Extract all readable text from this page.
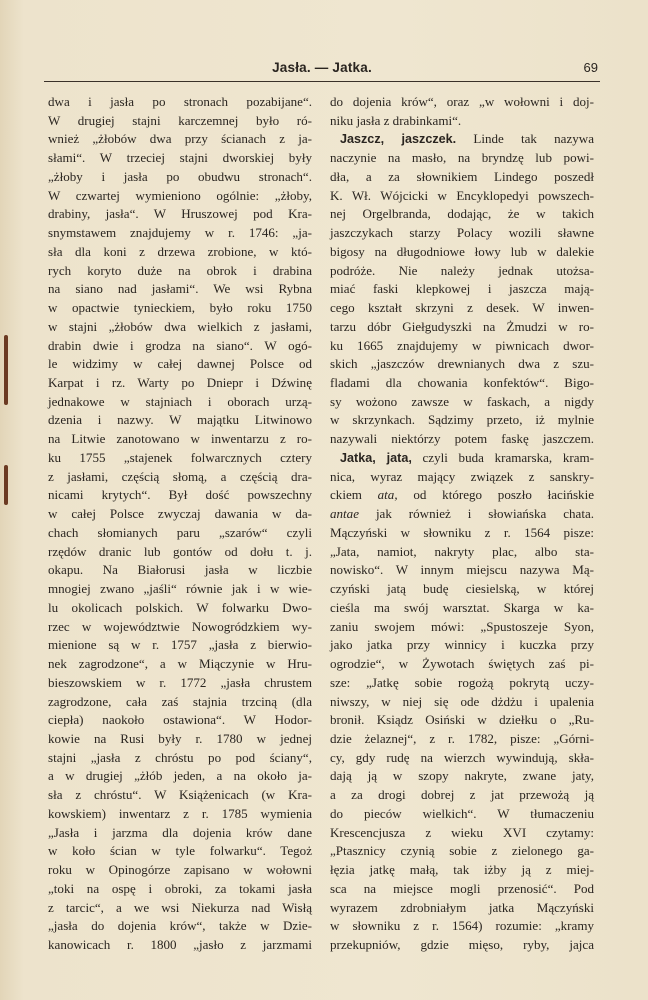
Jasła. — Jatka.	69
dwa i jasła po stronach pozabijane“.
W drugiej stajni karczemnej było ró-
wnież „żłobów dwa przy ścianach z ja-
słami“. W trzeciej stajni dworskiej były
„żłoby i jasła po obudwu stronach“.
W czwartej wymieniono ogólnie: „żłoby,
drabiny, jasła“. W Hruszowej pod Kra-
snymstawem znajdujemy w r. 1746: „ja-
sła dla koni z drzewa zrobione, w któ-
rych koryto duże na obrok i drabina
na siano nad jasłami“. We wsi Rybna
w opactwie tynieckiem, było roku 1750
w stajni „żłobów dwa wielkich z jasłami,
drabin dwie i grodza na siano“. W ogó-
le widzimy w całej dawnej Polsce od
Karpat i rz. Warty po Dniepr i Dźwinę
jednakowe w stajniach i oborach urzą-
dzenia i nazwy. W majątku Litwinowo
na Litwie zanotowano w inwentarzu z ro-
ku 1755 „stajenek folwarcznych cztery
z jasłami, częścią słomą, a częścią dra-
nicami krytych“. Był dość powszechny
w całej Polsce zwyczaj dawania w da-
chach słomianych paru „szarów“ czyli
rzędów dranic lub gontów od dołu t. j.
okapu. Na Białorusi jasła w liczbie
mnogiej zwano „jaśli“ równie jak i w wie-
lu okolicach polskich. W folwarku Dwo-
rzec w województwie Nowogródzkiem wy-
mienione są w r. 1757 „jasła z bierwio-
nek zagrodzone“, a w Miączynie w Hru-
bieszowskiem w r. 1772 „jasła chrustem
zagrodzone, cała zaś stajnia trzciną (dla
ciepła) naokoło ostawiona“. W Hodor-
kowie na Rusi były r. 1780 w jednej
stajni „jasła z chróstu po pod ściany“,
a w drugiej „żłób jeden, a na około ja-
sła z chróstu“. W Książenicach (w Kra-
kowskiem) inwentarz z r. 1785 wymienia
„Jasła i jarzma dla dojenia krów dane
w koło ścian w tyle folwarku“. Tegoż
roku w Opinogórze zapisano w wołowni
„toki na ospę i obroki, za tokami jasła
z tarcic“, a we wsi Niekurza nad Wisłą
„jasła do dojenia krów“, także w Dzie-
kanowicach r. 1800 „jasło z jarzmami
do dojenia krów“, oraz „w wołowni i doj-
niku jasła z drabinkami“.
Jaszcz, jaszczek. Linde tak nazywa
naczynie na masło, na bryndzę lub powi-
dła, a za słownikiem Lindego poszedł
K. Wł. Wójcicki w Encyklopedyi powszech-
nej Orgelbranda, dodając, że w takich
jaszczykach starzy Polacy wozili sławne
bigosy na długodniowe łowy lub w dalekie
podróże. Nie należy jednak utożsa-
miać faski klepkowej i jaszcza mają-
cego kształt skrzyni z desek. W inwen-
tarzu dóbr Giełgudyszki na Żmudzi w ro-
ku 1665 znajdujemy w piwnicach dwor-
skich „jaszczów drewnianych dwa z szu-
fladami dla chowania konfektów“. Bigo-
sy wożono zawsze w faskach, a nigdy
w skrzynkach. Sądzimy przeto, iż mylnie
nazywali niektórzy potem faskę jaszczem.
Jatka, jata, czyli buda kramarska, kram-
nica, wyraz mający związek z sanskry-
ckiem ata, od którego poszło łacińskie
antae jak również i słowiańska chata.
Mączyński w słowniku z r. 1564 pisze:
„Jata, namiot, nakryty plac, albo sta-
nowisko“. W innym miejscu nazywa Mą-
czyński jatą budę ciesielską, w której
cieśla ma swój warsztat. Skarga w ka-
zaniu swojem mówi: „Spustoszeje Syon,
jako jatka przy winnicy i kuczka przy
ogrodzie“, w Żywotach świętych zaś pi-
sze: „Jatkę sobie rogożą pokrytą uczy-
niwszy, w niej się ode dżdżu i upalenia
bronił. Ksiądz Osiński w dziełku o „Ru-
dzie żelaznej“, z r. 1782, pisze: „Górni-
cy, gdy rudę na wierzch wywindują, skła-
dają ją w szopy nakryte, zwane jaty,
a za drogi dobrej z jat przewożą ją
do pieców wielkich“. W tłumaczeniu
Krescencjusza z wieku XVI czytamy:
„Ptasznicy czynią sobie z zielonego ga-
łęzia jatkę małą, tak iżby ją z miej-
sca na miejsce mogli przenosić“. Pod
wyrazem zdrobniałym jatka Mączyński
w słowniku z r. 1564) rozumie: „kramy
przekupniów, gdzie mięso, ryby, jajca
